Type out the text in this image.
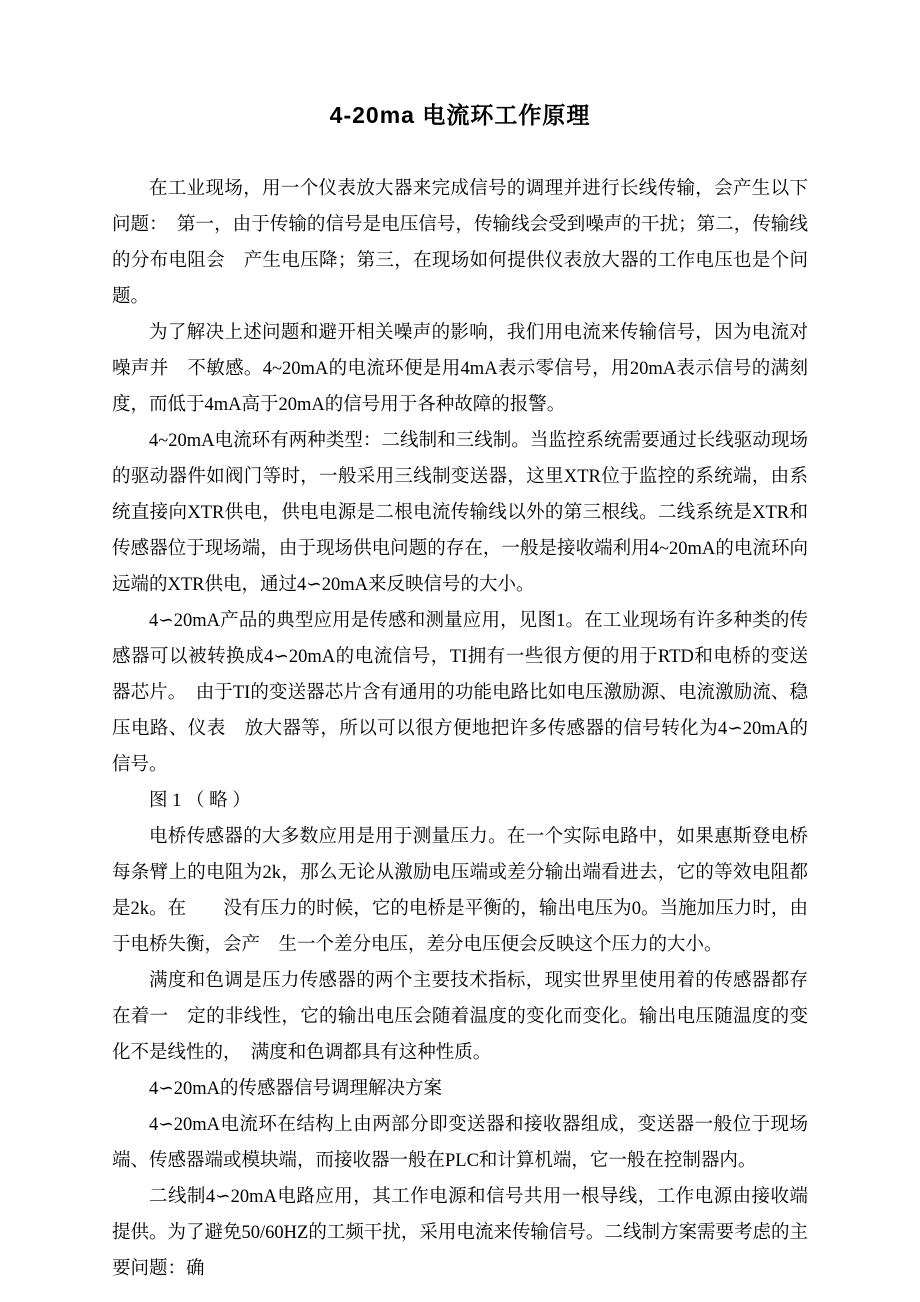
4-20ma 电流环工作原理

在工业现场，用一个仪表放大器来完成信号的调理并进行长线传输，会产生以下问题：　第一，由于传输的信号是电压信号，传输线会受到噪声的干扰；第二，传输线的分布电阻会　产生电压降；第三，在现场如何提供仪表放大器的工作电压也是个问题。

为了解决上述问题和避开相关噪声的影响，我们用电流来传输信号，因为电流对噪声并　不敏感。4~20mA的电流环便是用4mA表示零信号，用20mA表示信号的满刻度，而低于4mA高于20mA的信号用于各种故障的报警。

4~20mA电流环有两种类型：二线制和三线制。当监控系统需要通过长线驱动现场的驱动器件如阀门等时，一般采用三线制变送器，这里XTR位于监控的系统端，由系统直接向XTR供电，供电电源是二根电流传输线以外的第三根线。二线系统是XTR和传感器位于现场端，由于现场供电问题的存在，一般是接收端利用4~20mA的电流环向远端的XTR供电，通过4∽20mA来反映信号的大小。

4∽20mA产品的典型应用是传感和测量应用，见图1。在工业现场有许多种类的传感器可以被转换成4∽20mA的电流信号，TI拥有一些很方便的用于RTD和电桥的变送器芯片。　由于TI的变送器芯片含有通用的功能电路比如电压激励源、电流激励流、稳压电路、仪表　放大器等，所以可以很方便地把许多传感器的信号转化为4∽20mA的信号。

图 1 （ 略 ）

电桥传感器的大多数应用是用于测量压力。在一个实际电路中，如果惠斯登电桥每条臂上的电阻为2k，那么无论从激励电压端或差分输出端看进去，它的等效电阻都是2k。在　　没有压力的时候，它的电桥是平衡的，输出电压为0。当施加压力时，由于电桥失衡，会产　生一个差分电压，差分电压便会反映这个压力的大小。

满度和色调是压力传感器的两个主要技术指标，现实世界里使用着的传感器都存在着一　定的非线性，它的输出电压会随着温度的变化而变化。输出电压随温度的变化不是线性的，　满度和色调都具有这种性质。

4∽20mA的传感器信号调理解决方案

4∽20mA电流环在结构上由两部分即变送器和接收器组成，变送器一般位于现场端、传感器端或模块端，而接收器一般在PLC和计算机端，它一般在控制器内。

二线制4∽20mA电路应用，其工作电源和信号共用一根导线，工作电源由接收端提供。为了避免50/60HZ的工频干扰，采用电流来传输信号。二线制方案需要考虑的主要问题：确
